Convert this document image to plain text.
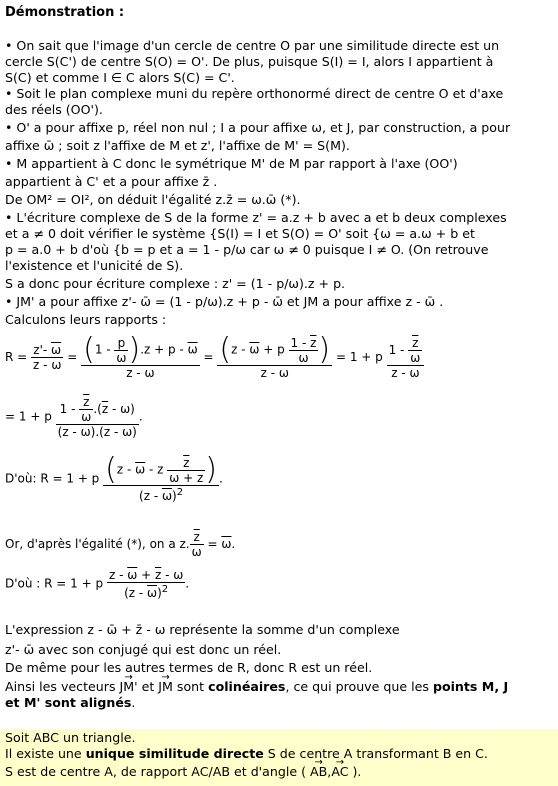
Démonstration :
• On sait que l'image d'un cercle de centre O par une similitude directe est un
cercle S(C') de centre S(O) = O'. De plus, puisque S(I) = I, alors I appartient à
S(C) et comme I ∈ C alors S(C) = C'.
• Soit le plan complexe muni du repère orthonormé direct de centre O et d'axe
des réels (OO').
• O' a pour affixe p, réel non nul ; I a pour affixe ω, et J, par construction, a pour
affixe ω̄ ; soit z l'affixe de M et z', l'affixe de M' = S(M).
• M appartient à C donc le symétrique M' de M par rapport à l'axe (OO')
appartient à C' et a pour affixe z̄ .
De OM² = OI², on déduit l'égalité z.z̄ = ω.ω̄ (*).
• L'écriture complexe de S de la forme z' = a.z + b avec a et b deux complexes
et a ≠ 0 doit vérifier le système {S(I) = I et S(O) = O' soit {ω = a.ω + b et
p = a.0 + b d'où {b = p et a = 1 - p/ω car ω ≠ 0 puisque I ≠ O. (On retrouve
l'existence et l'unicité de S).
S a donc pour écriture complexe : z' = (1 - p/ω).z + p.
• JM' a pour affixe z'- ω̄ = (1 - p/ω).z + p - ω̄ et JM a pour affixe z - ω̄ .
Calculons leurs rapports :
$R = \frac{z'- \overline{\omega}}{z - \overline{\omega}} = \frac{(1 - \frac{p}{\omega} ).z + p - \overline{\omega}}{z - \overline{\omega}} = \frac{(z - \overline{\omega} + p \frac{1 - \overline{z}}{\omega} )}{z - \overline{\omega}} = 1 + p \frac{1 - \frac{\overline{z}}{\omega}}{z - \overline{\omega}}$
= 1 + p $\frac{1 - \frac{\overline{z}}{\omega} .(\overline{z} - \omega)}{(z - \overline{\omega}).(\overline{z} - \omega)}$ .
D'où: R = 1 + p $\frac{(z - \overline{\omega} - z \frac{\overline{z}}{\omega + z} )}{(z - \overline{\omega})^2}$ .
Or, d'après l'égalité (*), on a z. $\frac{\overline{z}}{\omega} = \overline{\omega}$.
D'où : R = 1 + p $\frac{z - \overline{\omega} + \overline{z} - \omega}{(z - \overline{\omega})^2}$ .
L'expression z - ω̄ + z̄ - ω représente la somme d'un complexe
z'- ω̄ avec son conjugé qui est donc un réel.
De même pour les autres termes de R, donc R est un réel.
Ainsi les vecteurs → JM' et → JM sont colinéaires, ce qui prouve que les points M, J
et M' sont alignés.
Soit ABC un triangle.
Il existe une unique similitude directe S de centre A transformant B en C.
S est de centre A, de rapport AC/AB et d'angle ( → AB,→ AC ).
